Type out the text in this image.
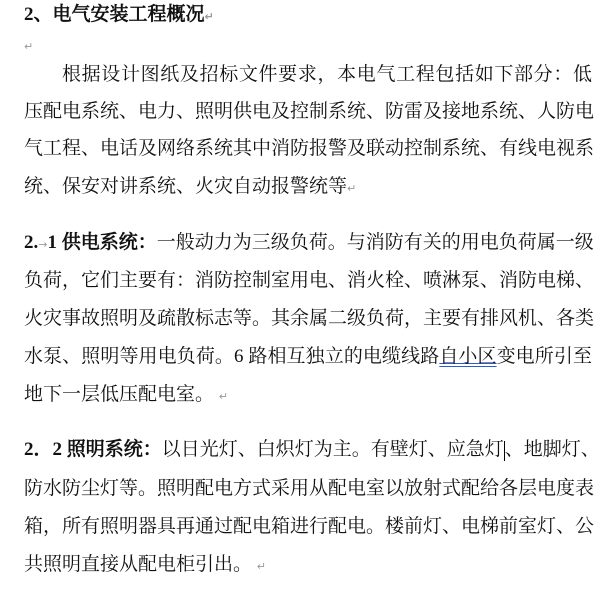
2、电气安装工程概况↵
↵
根据设计图纸及招标文件要求，本电气工程包括如下部分：低
压配电系统、电力、照明供电及控制系统、防雷及接地系统、人防电
气工程、电话及网络系统其中消防报警及联动控制系统、有线电视系
统、保安对讲系统、火灾自动报警统等↵
2.→1 供电系统：一般动力为三级负荷。与消防有关的用电负荷属一级
负荷，它们主要有：消防控制室用电、消火栓、喷淋泵、消防电梯、
火灾事故照明及疏散标志等。其余属二级负荷，主要有排风机、各类
水泵、照明等用电负荷。6 路相互独立的电缆线路自小区变电所引至
地下一层低压配电室。 ↵
2．2 照明系统：以日光灯、白炽灯为主。有壁灯、应急灯、地脚灯、
防水防尘灯等。照明配电方式采用从配电室以放射式配给各层电度表
箱，所有照明器具再通过配电箱进行配电。楼前灯、电梯前室灯、公
共照明直接从配电柜引出。 ↵
